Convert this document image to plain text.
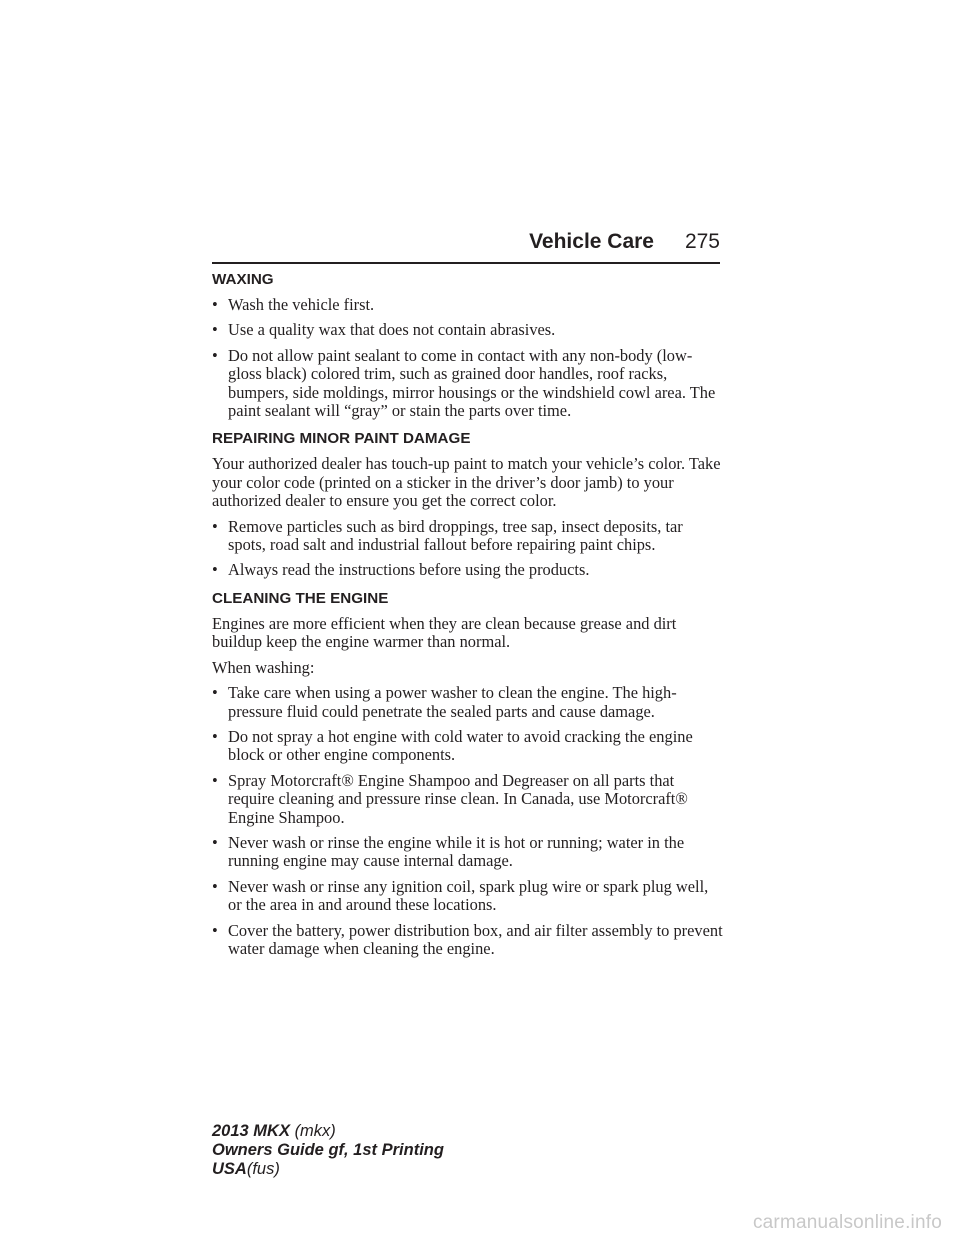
Vehicle Care 275
WAXING
• Wash the vehicle first.
• Use a quality wax that does not contain abrasives.
• Do not allow paint sealant to come in contact with any non-body (low-gloss black) colored trim, such as grained door handles, roof racks, bumpers, side moldings, mirror housings or the windshield cowl area. The paint sealant will “gray” or stain the parts over time.
REPAIRING MINOR PAINT DAMAGE
Your authorized dealer has touch-up paint to match your vehicle’s color. Take your color code (printed on a sticker in the driver’s door jamb) to your authorized dealer to ensure you get the correct color.
• Remove particles such as bird droppings, tree sap, insect deposits, tar spots, road salt and industrial fallout before repairing paint chips.
• Always read the instructions before using the products.
CLEANING THE ENGINE
Engines are more efficient when they are clean because grease and dirt buildup keep the engine warmer than normal.
When washing:
• Take care when using a power washer to clean the engine. The high-pressure fluid could penetrate the sealed parts and cause damage.
• Do not spray a hot engine with cold water to avoid cracking the engine block or other engine components.
• Spray Motorcraft® Engine Shampoo and Degreaser on all parts that require cleaning and pressure rinse clean. In Canada, use Motorcraft® Engine Shampoo.
• Never wash or rinse the engine while it is hot or running; water in the running engine may cause internal damage.
• Never wash or rinse any ignition coil, spark plug wire or spark plug well, or the area in and around these locations.
• Cover the battery, power distribution box, and air filter assembly to prevent water damage when cleaning the engine.
2013 MKX (mkx)
Owners Guide gf, 1st Printing
USA(fus)
carmanualsonline.info
